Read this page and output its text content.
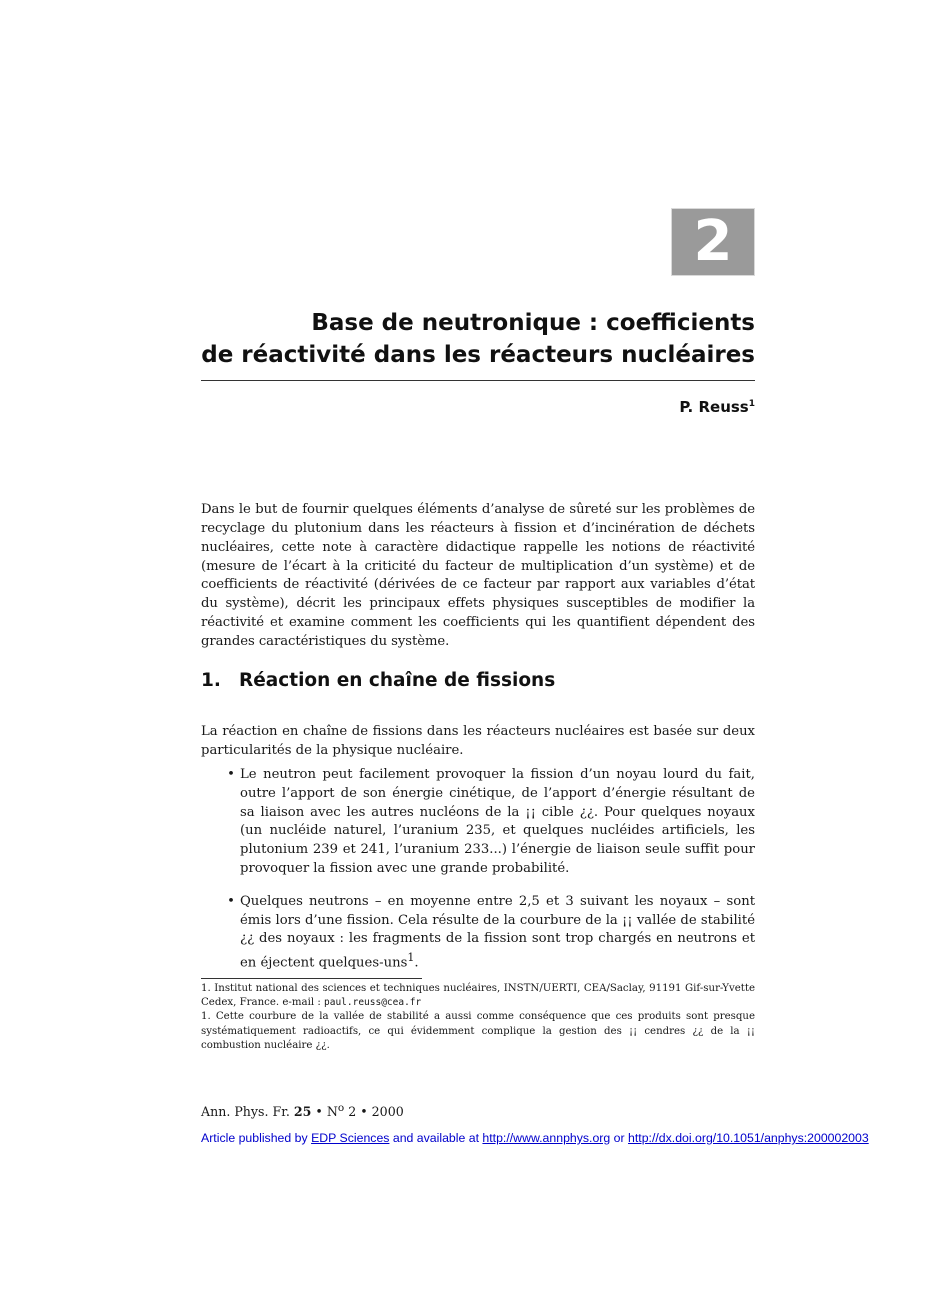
2
Base de neutronique : coefficients
de réactivité dans les réacteurs nucléaires
P. Reuss$^1$

Dans le but de fournir quelques éléments d’analyse de sûreté sur les problèmes de recyclage du plutonium dans les réacteurs à fission et d’incinération de déchets nucléaires, cette note à caractère didactique rappelle les notions de réactivité (mesure de l’écart à la criticité du facteur de multiplication d’un système) et de coefficients de réactivité (dérivées de ce facteur par rapport aux variables d’état du système), décrit les principaux effets physiques susceptibles de modifier la réactivité et examine comment les coefficients qui les quantifient dépendent des grandes caractéristiques du système.

1. Réaction en chaîne de fissions

La réaction en chaîne de fissions dans les réacteurs nucléaires est basée sur deux particularités de la physique nucléaire.

• Le neutron peut facilement provoquer la fission d’un noyau lourd du fait, outre l’apport de son énergie cinétique, de l’apport d’énergie résultant de sa liaison avec les autres nucléons de la ¡¡ cible ¿¿. Pour quelques noyaux (un nucléide naturel, l’uranium 235, et quelques nucléides artificiels, les plutonium 239 et 241, l’uranium 233...) l’énergie de liaison seule suffit pour provoquer la fission avec une grande probabilité.
• Quelques neutrons – en moyenne entre 2,5 et 3 suivant les noyaux – sont émis lors d’une fission. Cela résulte de la courbure de la ¡¡ vallée de stabilité ¿¿ des noyaux : les fragments de la fission sont trop chargés en neutrons et en éjectent quelques-uns$^1$.

1. Institut national des sciences et techniques nucléaires, INSTN/UERTI, CEA/Saclay, 91191 Gif-sur-Yvette Cedex, France. e-mail : paul.reuss@cea.fr

1. Cette courbure de la vallée de stabilité a aussi comme conséquence que ces produits sont presque systématiquement radioactifs, ce qui évidemment complique la gestion des ¡¡ cendres ¿¿ de la ¡¡ combustion nucléaire ¿¿.

Ann. Phys. Fr. 25 • $N^o$ 2 • 2000
Article published by EDP Sciences and available at http://www.annphys.org or http://dx.doi.org/10.1051/anphys:200002003
